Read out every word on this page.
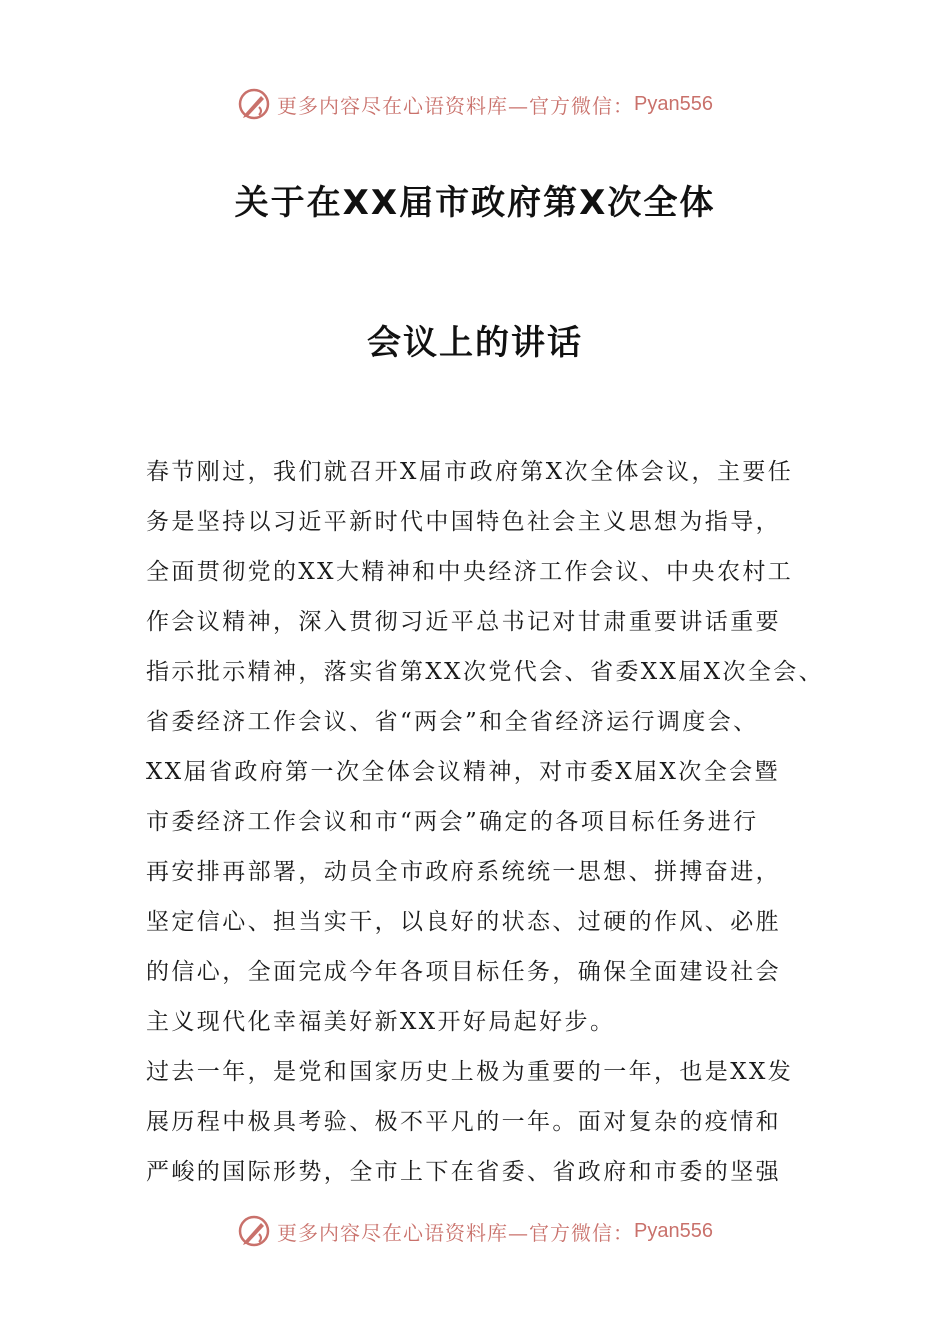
更多内容尽在心语资料库—官方微信： Pyan556
关于在XX届市政府第X次全体
会议上的讲话
春节刚过，我们就召开X届市政府第X次全体会议，主要任
务是坚持以习近平新时代中国特色社会主义思想为指导，
全面贯彻党的XX大精神和中央经济工作会议、中央农村工
作会议精神，深入贯彻习近平总书记对甘肃重要讲话重要
指示批示精神，落实省第XX次党代会、省委XX届X次全会、
省委经济工作会议、省“两会”和全省经济运行调度会、
XX届省政府第一次全体会议精神，对市委X届X次全会暨
市委经济工作会议和市“两会”确定的各项目标任务进行
再安排再部署，动员全市政府系统统一思想、拼搏奋进，
坚定信心、担当实干，以良好的状态、过硬的作风、必胜
的信心，全面完成今年各项目标任务，确保全面建设社会
主义现代化幸福美好新XX开好局起好步。
过去一年，是党和国家历史上极为重要的一年，也是XX发
展历程中极具考验、极不平凡的一年。面对复杂的疫情和
严峻的国际形势，全市上下在省委、省政府和市委的坚强
更多内容尽在心语资料库—官方微信： Pyan556
